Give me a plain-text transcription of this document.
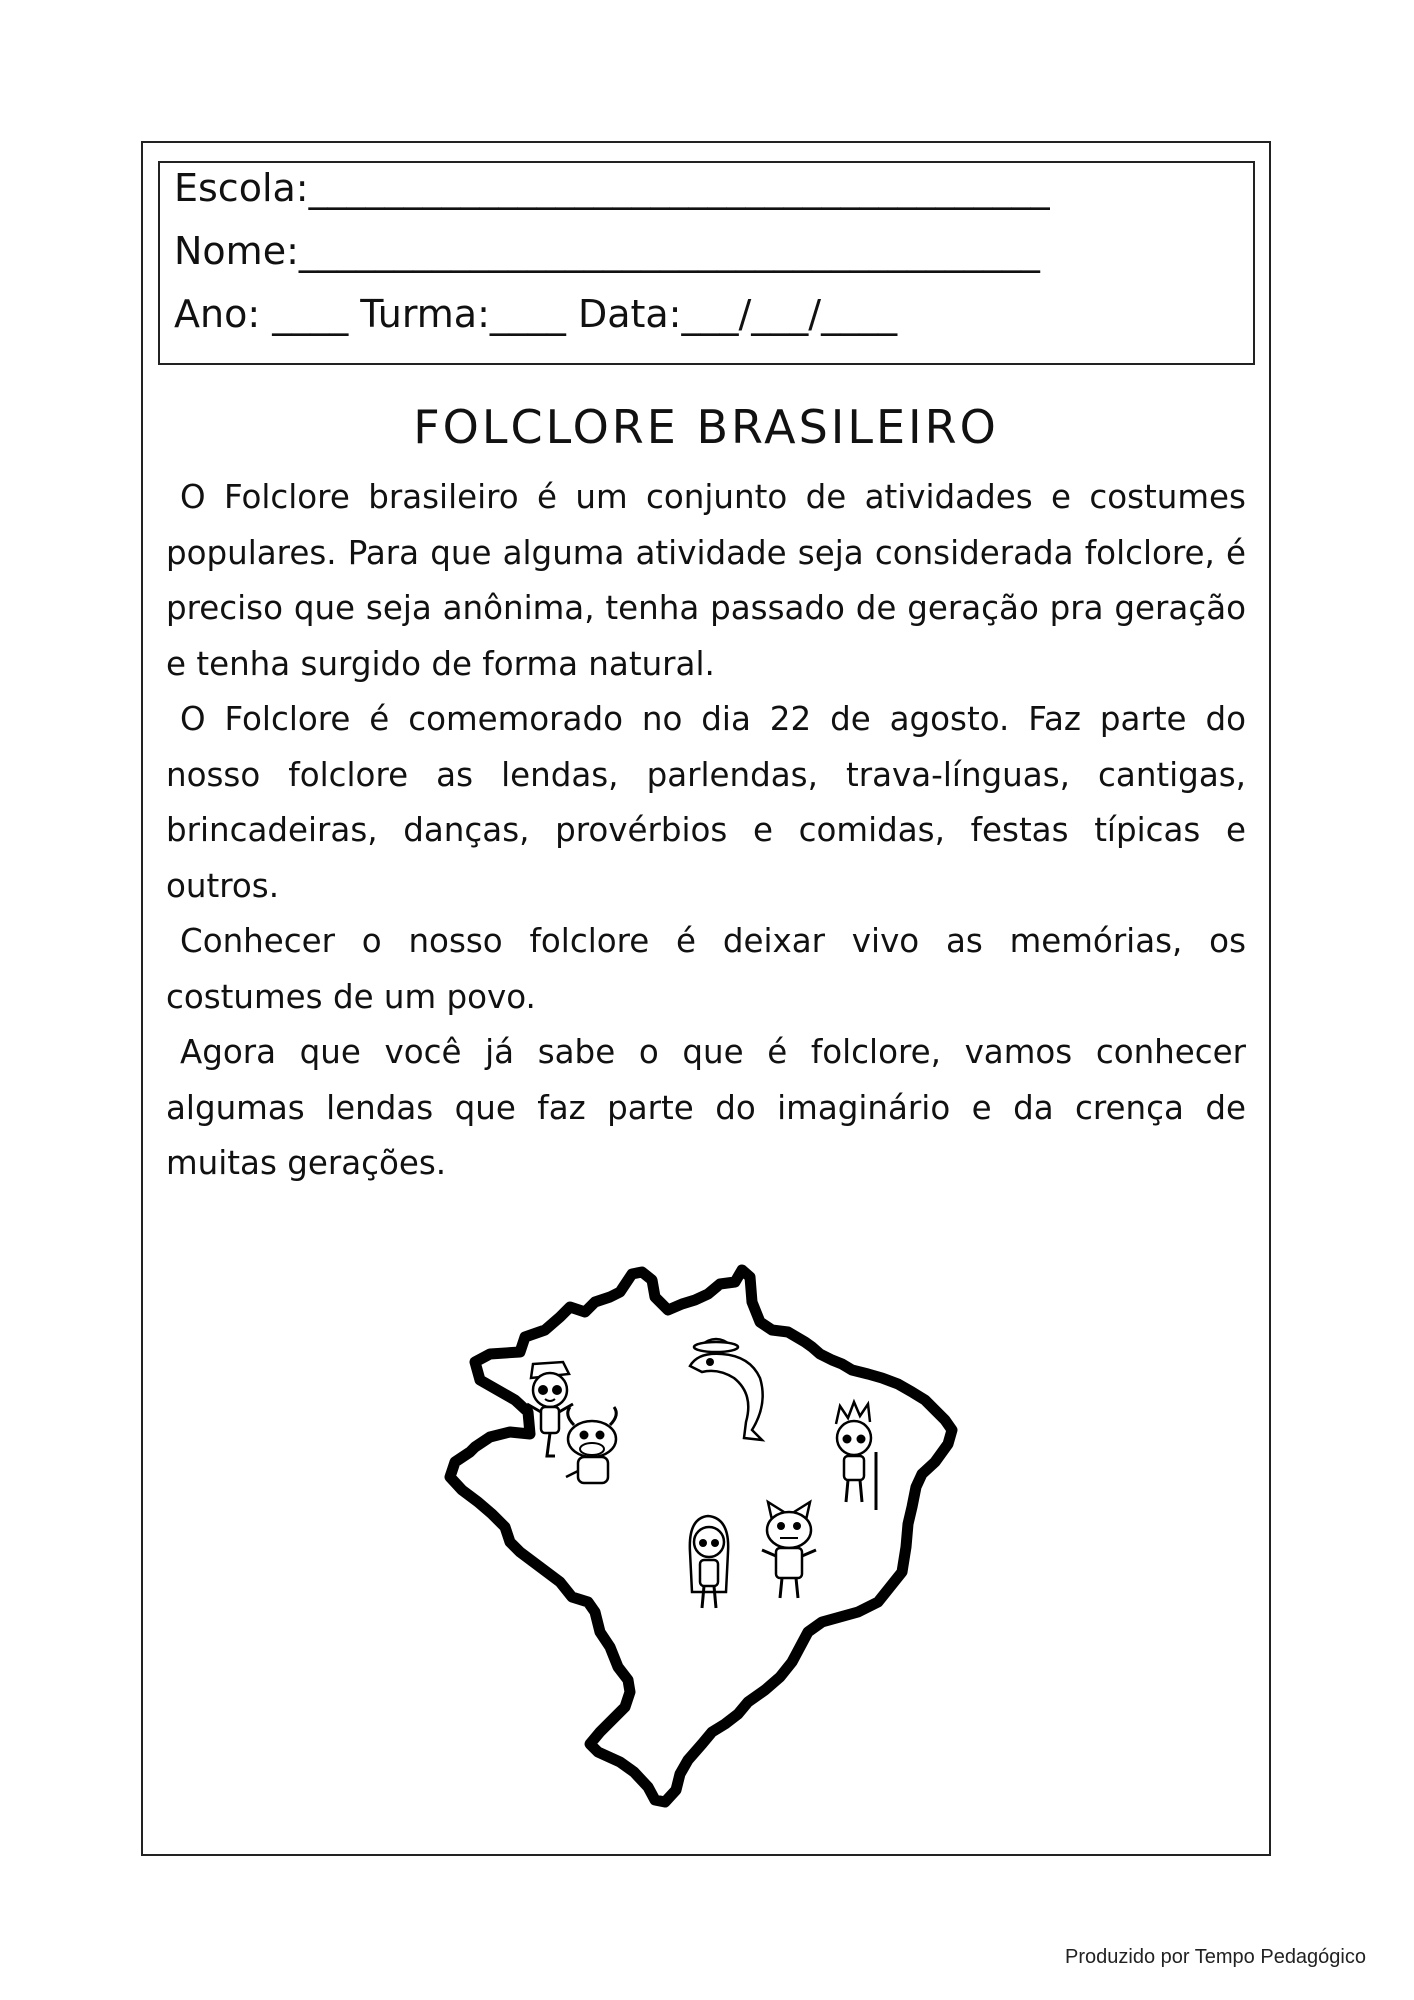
Escola:_______________________________________
Nome:_______________________________________
Ano: ____ Turma:____ Data:___/___/____
FOLCLORE BRASILEIRO

O Folclore brasileiro é um conjunto de atividades e costumes populares. Para que alguma atividade seja considerada folclore, é preciso que seja anônima, tenha passado de geração pra geração e tenha surgido de forma natural.

O Folclore é comemorado no dia 22 de agosto. Faz parte do nosso folclore as lendas, parlendas, trava-línguas, cantigas, brincadeiras, danças, provérbios e comidas, festas típicas e outros.

Conhecer o nosso folclore é deixar vivo as memórias, os costumes de um povo.

Agora que você já sabe o que é folclore, vamos conhecer algumas lendas que faz parte do imaginário e da crença de muitas gerações.

Produzido por Tempo Pedagógico
